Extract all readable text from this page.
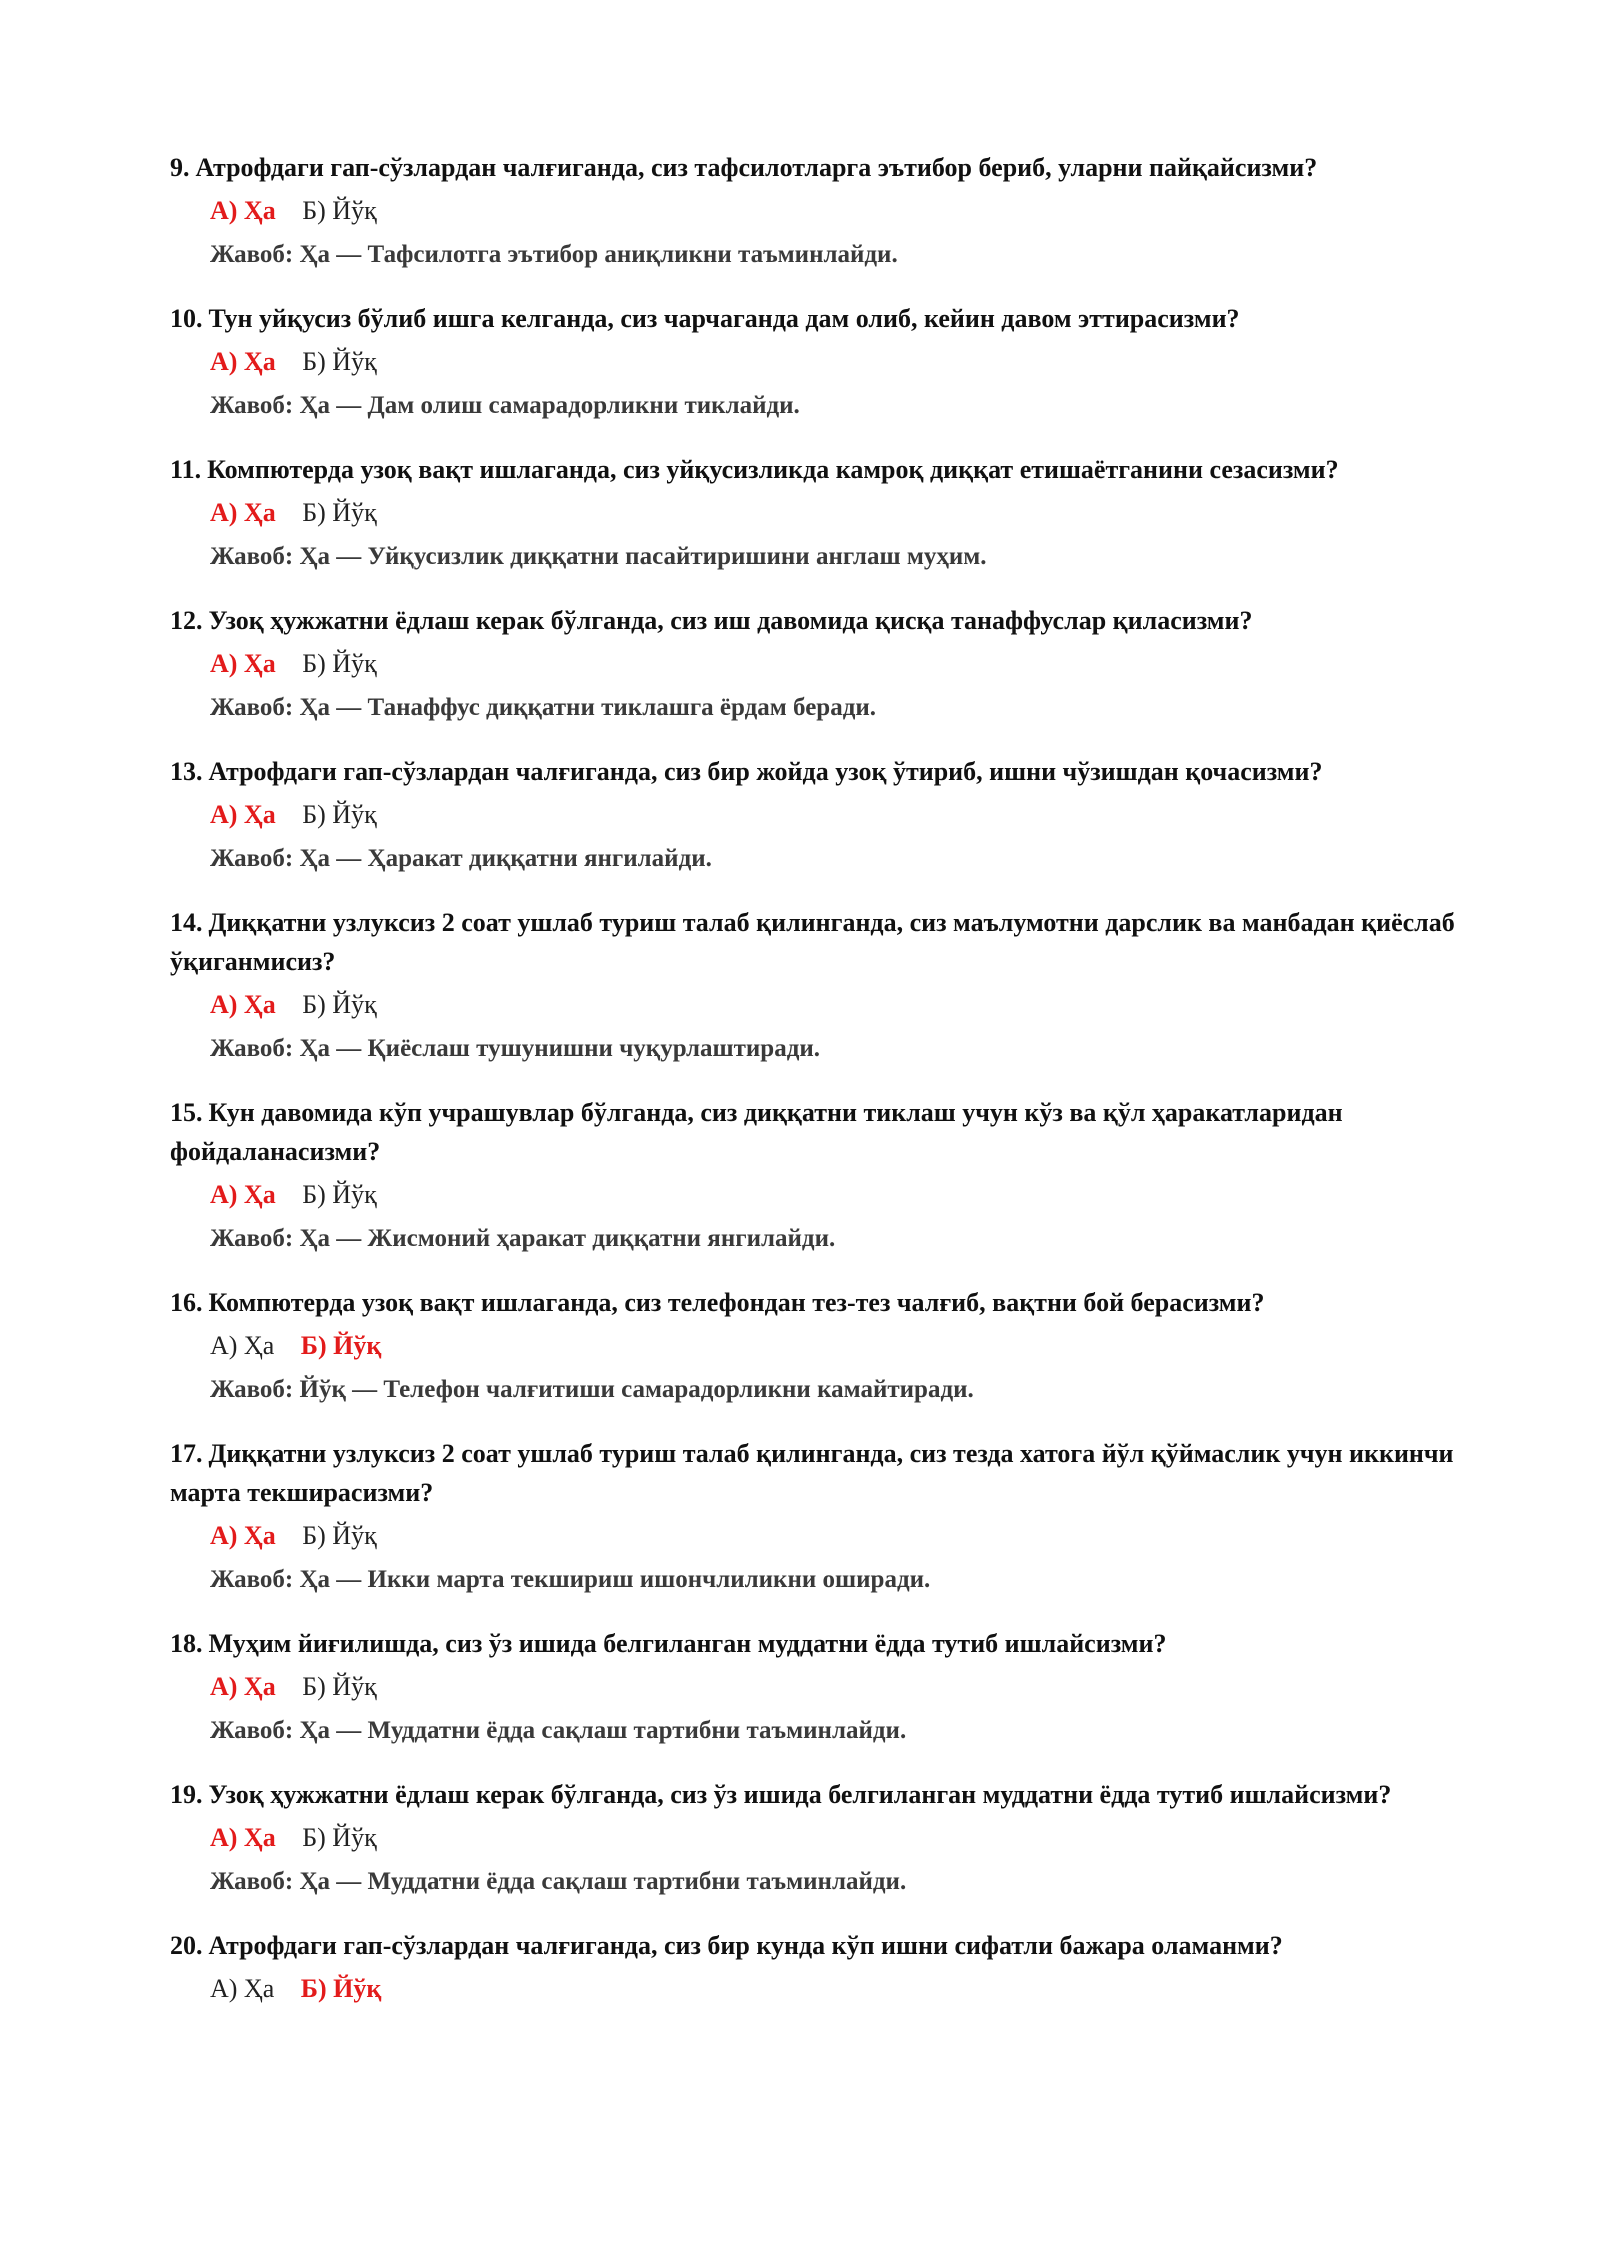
9. Атрофдаги гап-сўзлардан чалғиганда, сиз тафсилотларга эътибор бериб, уларни пайқайсизми?

А) Ҳа Б) Йўқ
Жавоб: Ҳа — Тафсилотга эътибор аниқликни таъминлайди.

10. Тун уйқусиз бўлиб ишга келганда, сиз чарчаганда дам олиб, кейин давом эттирасизми?

А) Ҳа Б) Йўқ
Жавоб: Ҳа — Дам олиш самарадорликни тиклайди.

11. Компютерда узоқ вақт ишлаганда, сиз уйқусизликда камроқ диққат етишаётганини сезасизми?

А) Ҳа Б) Йўқ
Жавоб: Ҳа — Уйқусизлик диққатни пасайтиришини англаш муҳим.

12. Узоқ ҳужжатни ёдлаш керак бўлганда, сиз иш давомида қисқа танаффуслар қиласизми?

А) Ҳа Б) Йўқ
Жавоб: Ҳа — Танаффус диққатни тиклашга ёрдам беради.

13. Атрофдаги гап-сўзлардан чалғиганда, сиз бир жойда узоқ ўтириб, ишни чўзишдан қочасизми?

А) Ҳа Б) Йўқ
Жавоб: Ҳа — Ҳаракат диққатни янгилайди.

14. Диққатни узлуксиз 2 соат ушлаб туриш талаб қилинганда, сиз маълумотни дарслик ва манбадан қиёслаб ўқиганмисиз?

А) Ҳа Б) Йўқ
Жавоб: Ҳа — Қиёслаш тушунишни чуқурлаштиради.

15. Кун давомида кўп учрашувлар бўлганда, сиз диққатни тиклаш учун кўз ва қўл ҳаракатларидан фойдаланасизми?

А) Ҳа Б) Йўқ
Жавоб: Ҳа — Жисмоний ҳаракат диққатни янгилайди.

16. Компютерда узоқ вақт ишлаганда, сиз телефондан тез-тез чалғиб, вақтни бой берасизми?

А) Ҳа Б) Йўқ
Жавоб: Йўқ — Телефон чалғитиши самарадорликни камайтиради.

17. Диққатни узлуксиз 2 соат ушлаб туриш талаб қилинганда, сиз тезда хатога йўл қўймаслик учун иккинчи марта текширасизми?

А) Ҳа Б) Йўқ
Жавоб: Ҳа — Икки марта текшириш ишончлиликни оширади.

18. Муҳим йиғилишда, сиз ўз ишида белгиланган муддатни ёдда тутиб ишлайсизми?

А) Ҳа Б) Йўқ
Жавоб: Ҳа — Муддатни ёдда сақлаш тартибни таъминлайди.

19. Узоқ ҳужжатни ёдлаш керак бўлганда, сиз ўз ишида белгиланган муддатни ёдда тутиб ишлайсизми?

А) Ҳа Б) Йўқ
Жавоб: Ҳа — Муддатни ёдда сақлаш тартибни таъминлайди.

20. Атрофдаги гап-сўзлардан чалғиганда, сиз бир кунда кўп ишни сифатли бажара оламанми?

А) Ҳа Б) Йўқ
